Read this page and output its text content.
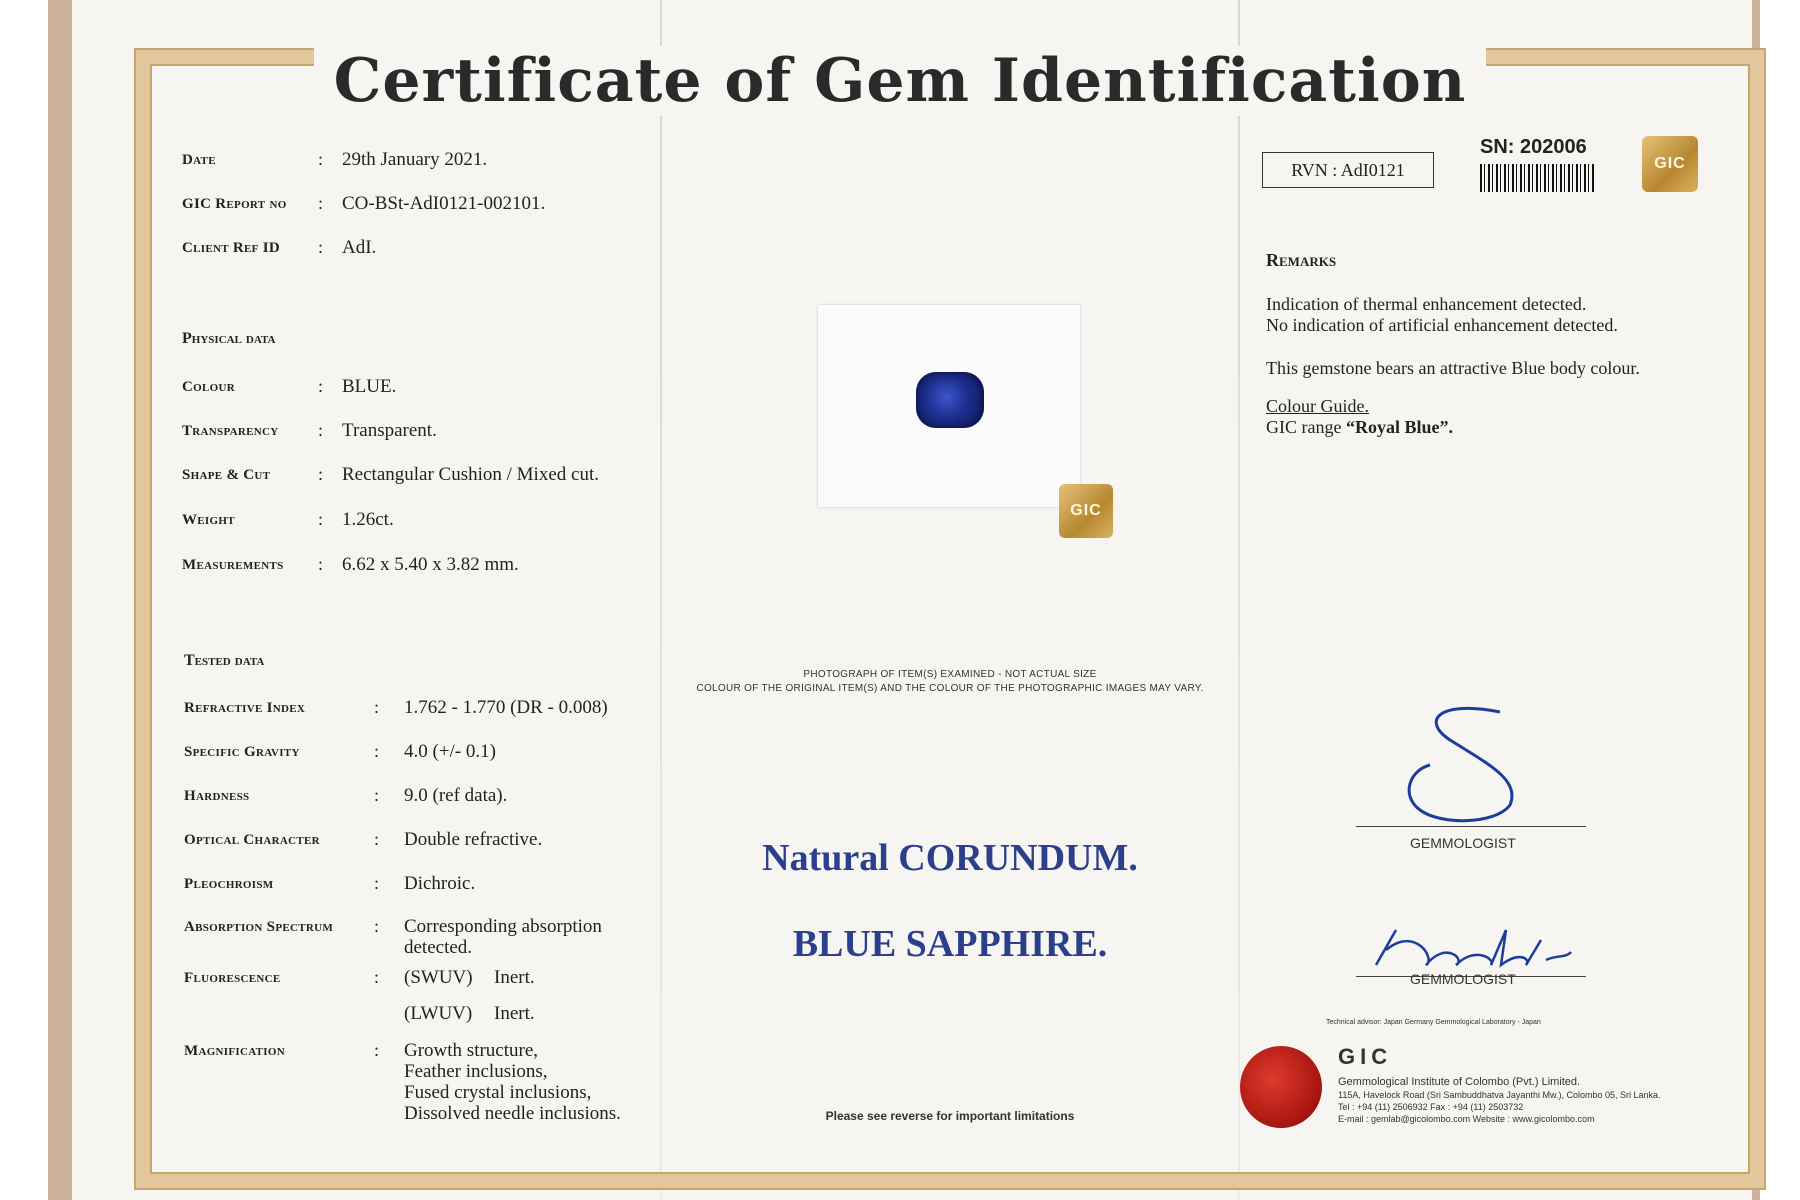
Certificate of Gem Identification
Date	: 29th January 2021.
GIC Report no : CO-BSt-AdI0121-002101.
Client Ref ID : AdI.
Physical data
Colour	: BLUE.
Transparency : Transparent.
Shape & Cut	: Rectangular Cushion / Mixed cut.
Weight	: 1.26ct.
Measurements : 6.62 x 5.40 x 3.82 mm.
Tested data
Refractive Index	: 1.762 - 1.770 (DR - 0.008)
Specific Gravity	: 4.0 (+/- 0.1)
Hardness	: 9.0 (ref data).
Optical Character	: Double refractive.
Pleochroism	: Dichroic.
Absorption Spectrum : Corresponding absorption
detected.
Fluorescence	: (SWUV) Inert.
(LWUV) Inert.
Magnification	: Growth structure,
Feather inclusions,
Fused crystal inclusions,
Dissolved needle inclusions.
GIC
PHOTOGRAPH OF ITEM(S) EXAMINED - NOT ACTUAL SIZE
COLOUR OF THE ORIGINAL ITEM(S) AND THE COLOUR OF THE PHOTOGRAPHIC IMAGES MAY VARY.
Natural CORUNDUM.
BLUE SAPPHIRE.
Please see reverse for important limitations
RVN : AdI0121
SN: 202006
GIC
Remarks
Indication of thermal enhancement detected.
No indication of artificial enhancement detected.
This gemstone bears an attractive Blue body colour.
Colour Guide.
GIC range “Royal Blue”.
GEMMOLOGIST
GEMMOLOGIST
Technical advisor: Japan Germany Gemmological Laboratory - Japan
GIC
Gemmological Institute of Colombo (Pvt.) Limited.
115A, Havelock Road (Sri Sambuddhatva Jayanthi Mw.), Colombo 05, Sri Lanka.
Tel : +94 (11) 2506932 Fax : +94 (11) 2503732
E-mail : gemlab@gicolombo.com Website : www.gicolombo.com
